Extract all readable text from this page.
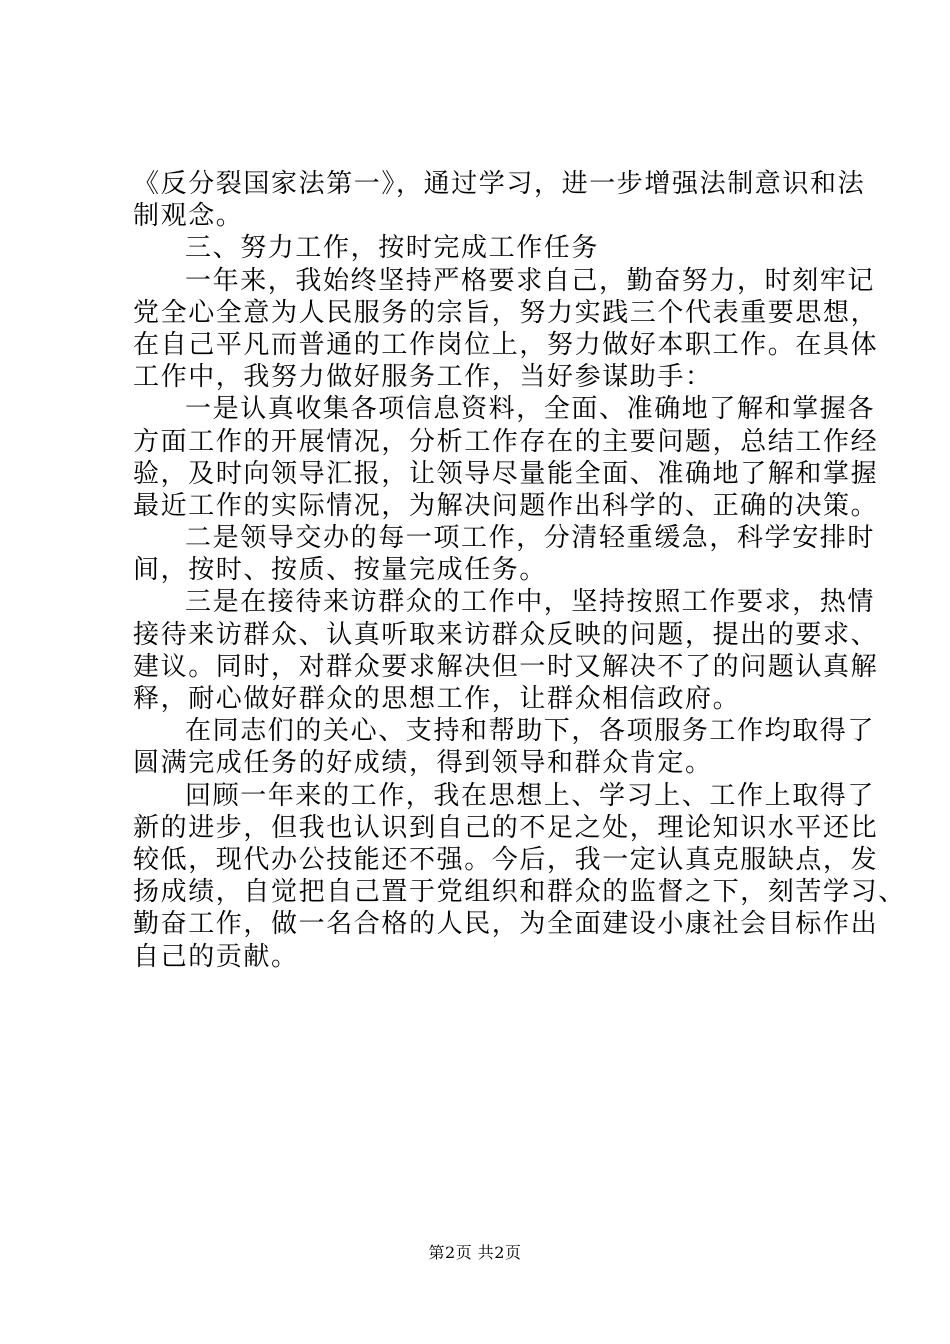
《反分裂国家法第一》，通过学习，进一步增强法制意识和法
制观念。
三、努力工作，按时完成工作任务
一年来，我始终坚持严格要求自己，勤奋努力，时刻牢记
党全心全意为人民服务的宗旨，努力实践三个代表重要思想，
在自己平凡而普通的工作岗位上，努力做好本职工作。在具体
工作中，我努力做好服务工作，当好参谋助手：
一是认真收集各项信息资料，全面、准确地了解和掌握各
方面工作的开展情况，分析工作存在的主要问题，总结工作经
验，及时向领导汇报，让领导尽量能全面、准确地了解和掌握
最近工作的实际情况，为解决问题作出科学的、正确的决策。
二是领导交办的每一项工作，分清轻重缓急，科学安排时
间，按时、按质、按量完成任务。
三是在接待来访群众的工作中，坚持按照工作要求，热情
接待来访群众、认真听取来访群众反映的问题，提出的要求、
建议。同时，对群众要求解决但一时又解决不了的问题认真解
释，耐心做好群众的思想工作，让群众相信政府。
在同志们的关心、支持和帮助下，各项服务工作均取得了
圆满完成任务的好成绩，得到领导和群众肯定。
回顾一年来的工作，我在思想上、学习上、工作上取得了
新的进步，但我也认识到自己的不足之处，理论知识水平还比
较低，现代办公技能还不强。今后，我一定认真克服缺点，发
扬成绩，自觉把自己置于党组织和群众的监督之下，刻苦学习、
勤奋工作，做一名合格的人民，为全面建设小康社会目标作出
自己的贡献。
第2页 共2页
